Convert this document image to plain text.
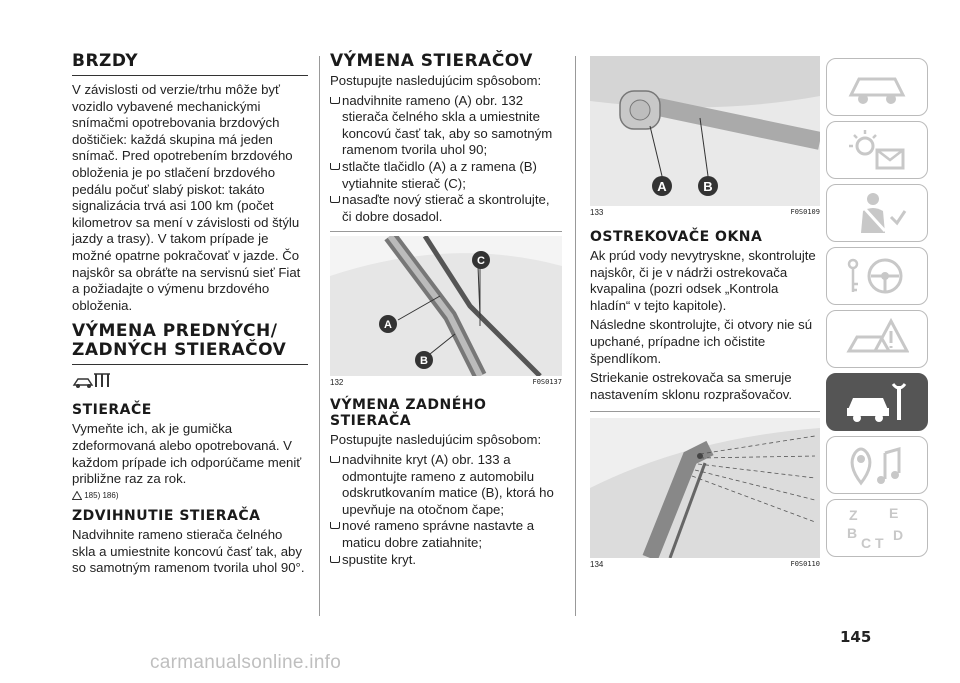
BRZDY

V závislosti od verzie/trhu môže byť vozidlo vybavené mechanickými snímačmi opotrebovania brzdových doštičiek: každá skupina má jeden snímač. Pred opotrebením brzdového obloženia je po stlačení brzdového pedálu počuť slabý piskot: takáto signalizácia trvá asi 100 km (počet kilometrov sa mení v závislosti od štýlu jazdy a trasy). V takom prípade je možné opatrne pokračovať v jazde. Čo najskôr sa obráťte na servisnú sieť Fiat a požiadajte o výmenu brzdového obloženia.

VÝMENA PREDNÝCH/ ZADNÝCH STIERAČOV
STIERAČE

Vymeňte ich, ak je gumička zdeformovaná alebo opotrebovaná. V každom prípade ich odporúčame meniť približne raz za rok.

185) 186)
ZDVIHNUTIE STIERAČA

Nadvihnite rameno stierača čelného skla a umiestnite koncovú časť tak, aby so samotným ramenom tvorila uhol 90°.

VÝMENA STIERAČOV

Postupujte nasledujúcim spôsobom:

nadvihnite rameno (A) obr. 132 stierača čelného skla a umiestnite koncovú časť tak, aby so samotným ramenom tvorila uhol 90;
stlačte tlačidlo (A) a z ramena (B) vytiahnite stierač (C);
nasaďte nový stierač a skontrolujte, či dobre dosadol.
A
B
C
132	F0S0137
VÝMENA ZADNÉHO STIERAČA

Postupujte nasledujúcim spôsobom:

nadvihnite kryt (A) obr. 133 a odmontujte rameno z automobilu odskrutkovaním matice (B), ktorá ho upevňuje na otočnom čape;
nové rameno správne nastavte a maticu dobre zatiahnite;
spustite kryt.
A	B
133	F0S0109
OSTREKOVAČE OKNA

Ak prúd vody nevytryskne, skontrolujte najskôr, či je v nádrži ostrekovača kvapalina (pozri odsek „Kontrola hladín“ v tejto kapitole).

Následne skontrolujte, či otvory nie sú upchané, prípadne ich očistite špendlíkom.

Striekanie ostrekovača sa smeruje nastavením sklonu rozprašovačov.

134	F0S0110
Z E
B
C T D
145
carmanualsonline.info
